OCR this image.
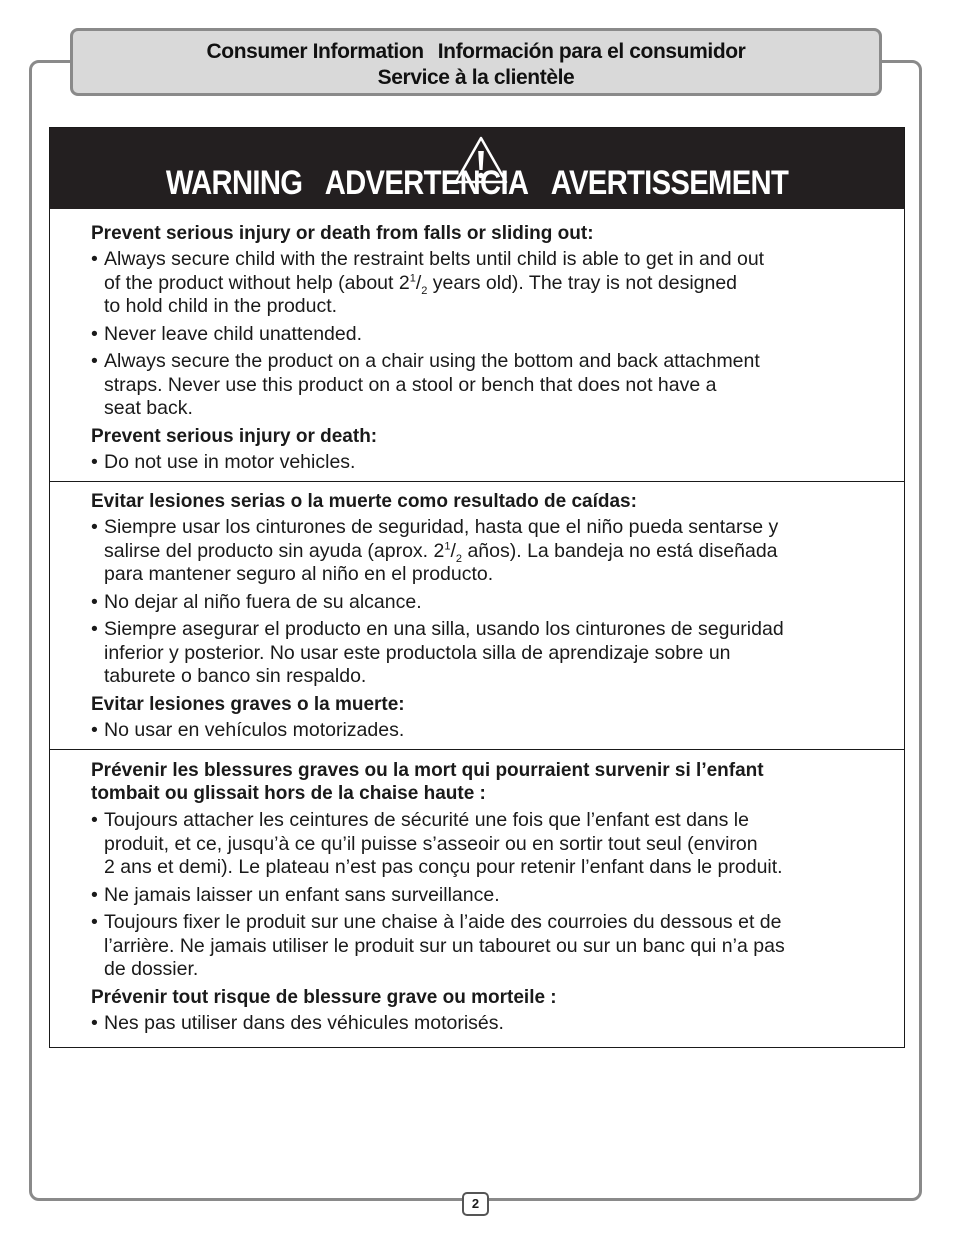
Consumer Information Información para el consumidor
Service à la clientèle
WARNING ADVERTENCIA AVERTISSEMENT
Prevent serious injury or death from falls or sliding out:
• Always secure child with the restraint belts until child is able to get in and out
of the product without help (about $2^1/_2$ years old). The tray is not designed
to hold child in the product.
• Never leave child unattended.
• Always secure the product on a chair using the bottom and back attachment
straps. Never use this product on a stool or bench that does not have a
seat back.
Prevent serious injury or death:
• Do not use in motor vehicles.
Evitar lesiones serias o la muerte como resultado de caídas:
• Siempre usar los cinturones de seguridad, hasta que el niño pueda sentarse y
salirse del producto sin ayuda (aprox. $2^1/_2$ años). La bandeja no está diseñada
para mantener seguro al niño en el producto.
• No dejar al niño fuera de su alcance.
• Siempre asegurar el producto en una silla, usando los cinturones de seguridad
inferior y posterior. No usar este productola silla de aprendizaje sobre un
taburete o banco sin respaldo.
Evitar lesiones graves o la muerte:
• No usar en vehículos motorizades.
Prévenir les blessures graves ou la mort qui pourraient survenir si l’enfant
tombait ou glissait hors de la chaise haute :
• Toujours attacher les ceintures de sécurité une fois que l’enfant est dans le
produit, et ce, jusqu’à ce qu’il puisse s’asseoir ou en sortir tout seul (environ
2 ans et demi). Le plateau n’est pas conçu pour retenir l’enfant dans le produit.
• Ne jamais laisser un enfant sans surveillance.
• Toujours fixer le produit sur une chaise à l’aide des courroies du dessous et de
l’arrière. Ne jamais utiliser le produit sur un tabouret ou sur un banc qui n’a pas
de dossier.
Prévenir tout risque de blessure grave ou morteile :
• Nes pas utiliser dans des véhicules motorisés.
2
